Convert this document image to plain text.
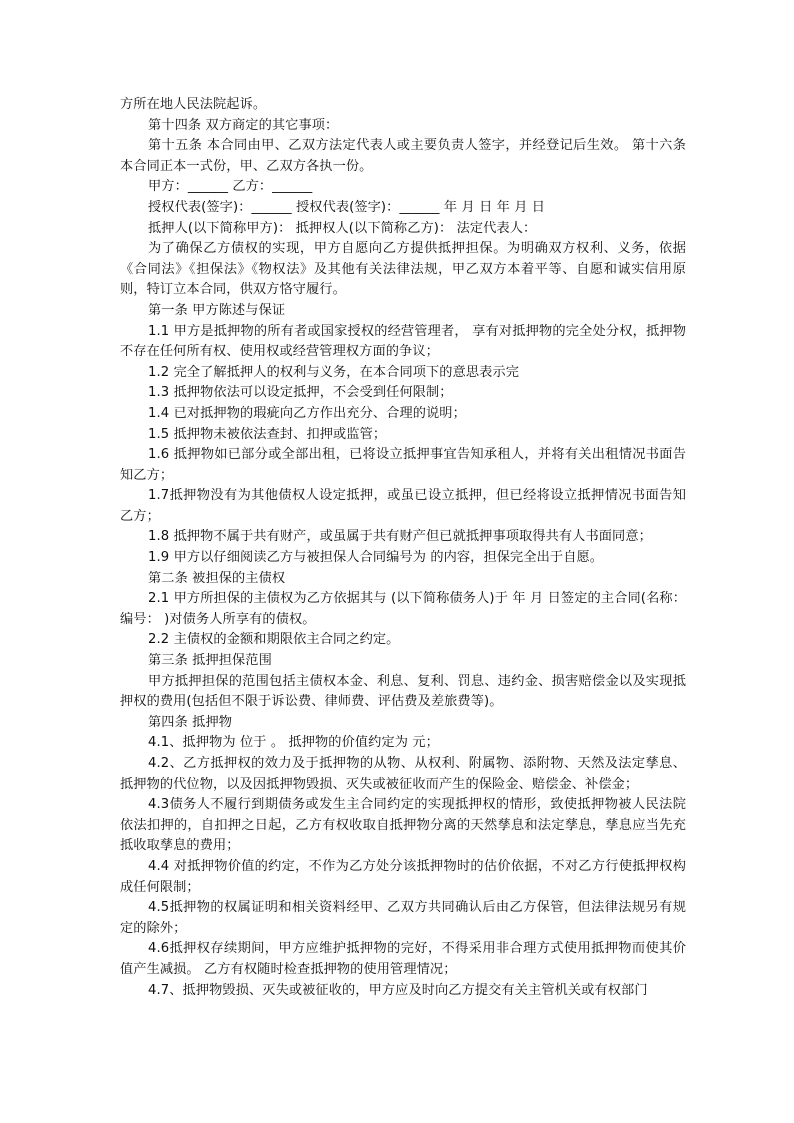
方所在地人民法院起诉。

第十四条 双方商定的其它事项：

第十五条 本合同由甲、乙双方法定代表人或主要负责人签字，并经登记后生效。 第十六条 本合同正本一式份，甲、乙双方各执一份。

甲方：______ 乙方：______

授权代表(签字)：______ 授权代表(签字)：______ 年 月 日 年 月 日

抵押人(以下简称甲方)： 抵押权人(以下简称乙方)： 法定代表人：

为了确保乙方债权的实现，甲方自愿向乙方提供抵押担保。为明确双方权利、义务，依据《合同法》《担保法》《物权法》及其他有关法律法规，甲乙双方本着平等、自愿和诚实信用原则，特订立本合同，供双方恪守履行。

第一条 甲方陈述与保证

1.1 甲方是抵押物的所有者或国家授权的经营管理者， 享有对抵押物的完全处分权，抵押物不存在任何所有权、使用权或经营管理权方面的争议；

1.2 完全了解抵押人的权利与义务，在本合同项下的意思表示完

1.3 抵押物依法可以设定抵押，不会受到任何限制；

1.4 已对抵押物的瑕疵向乙方作出充分、合理的说明；

1.5 抵押物未被依法查封、扣押或监管；

1.6 抵押物如已部分或全部出租，已将设立抵押事宜告知承租人，并将有关出租情况书面告知乙方；

1.7抵押物没有为其他债权人设定抵押，或虽已设立抵押，但已经将设立抵押情况书面告知乙方；

1.8 抵押物不属于共有财产，或虽属于共有财产但已就抵押事项取得共有人书面同意；

1.9 甲方以仔细阅读乙方与被担保人合同编号为 的内容，担保完全出于自愿。

第二条 被担保的主债权

2.1 甲方所担保的主债权为乙方依据其与 (以下简称债务人)于 年 月 日签定的主合同(名称： 编号： )对债务人所享有的债权。

2.2 主债权的金额和期限依主合同之约定。

第三条 抵押担保范围

甲方抵押担保的范围包括主债权本金、利息、复利、罚息、违约金、损害赔偿金以及实现抵押权的费用(包括但不限于诉讼费、律师费、评估费及差旅费等)。

第四条 抵押物

4.1、抵押物为 位于 。 抵押物的价值约定为 元；

4.2、乙方抵押权的效力及于抵押物的从物、从权利、附属物、添附物、天然及法定孳息、抵押物的代位物，以及因抵押物毁损、灭失或被征收而产生的保险金、赔偿金、补偿金；

4.3债务人不履行到期债务或发生主合同约定的实现抵押权的情形，致使抵押物被人民法院依法扣押的，自扣押之日起，乙方有权收取自抵押物分离的天然孳息和法定孳息，孳息应当先充抵收取孳息的费用；

4.4 对抵押物价值的约定，不作为乙方处分该抵押物时的估价依据，不对乙方行使抵押权构成任何限制；

4.5抵押物的权属证明和相关资料经甲、乙双方共同确认后由乙方保管，但法律法规另有规定的除外；

4.6抵押权存续期间，甲方应维护抵押物的完好，不得采用非合理方式使用抵押物而使其价值产生减损。 乙方有权随时检查抵押物的使用管理情况；

4.7、抵押物毁损、灭失或被征收的，甲方应及时向乙方提交有关主管机关或有权部门
